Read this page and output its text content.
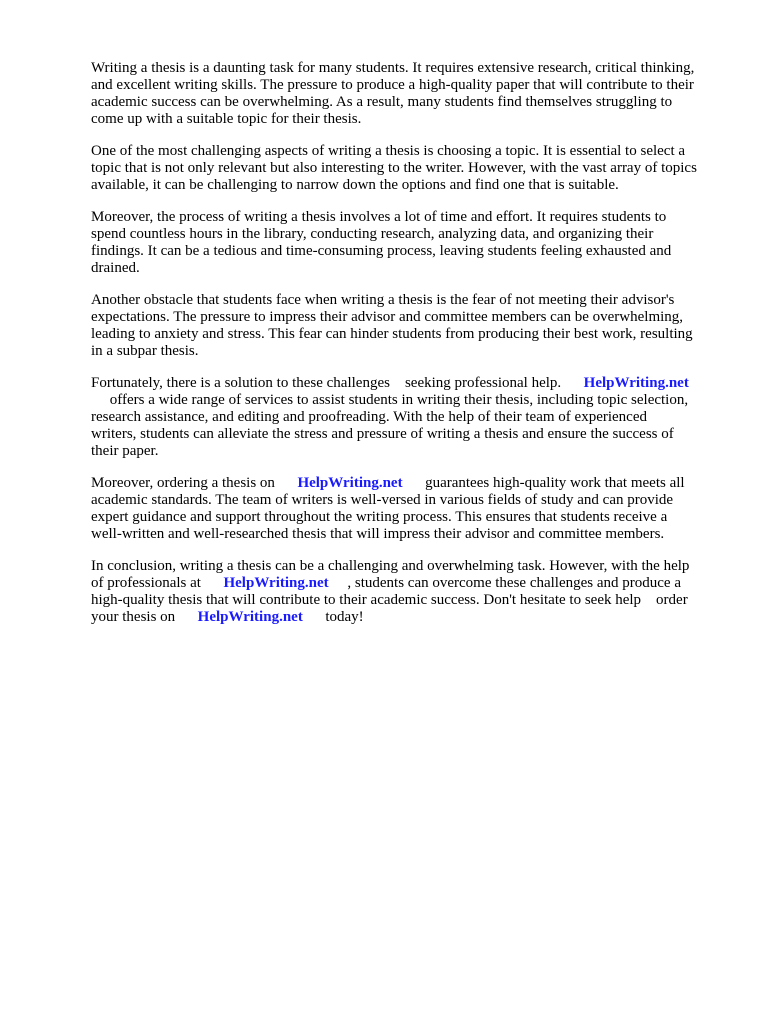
Writing a thesis is a daunting task for many students. It requires extensive research, critical thinking,
and excellent writing skills. The pressure to produce a high-quality paper that will contribute to their
academic success can be overwhelming. As a result, many students find themselves struggling to
come up with a suitable topic for their thesis.

One of the most challenging aspects of writing a thesis is choosing a topic. It is essential to select a
topic that is not only relevant but also interesting to the writer. However, with the vast array of topics
available, it can be challenging to narrow down the options and find one that is suitable.

Moreover, the process of writing a thesis involves a lot of time and effort. It requires students to
spend countless hours in the library, conducting research, analyzing data, and organizing their
findings. It can be a tedious and time-consuming process, leaving students feeling exhausted and
drained.

Another obstacle that students face when writing a thesis is the fear of not meeting their advisor's
expectations. The pressure to impress their advisor and committee members can be overwhelming,
leading to anxiety and stress. This fear can hinder students from producing their best work, resulting
in a subpar thesis.

Fortunately, there is a solution to these challenges    seeking professional help.      HelpWriting.net
offers a wide range of services to assist students in writing their thesis, including topic selection,
research assistance, and editing and proofreading. With the help of their team of experienced
writers, students can alleviate the stress and pressure of writing a thesis and ensure the success of
their paper.

Moreover, ordering a thesis on      HelpWriting.net      guarantees high-quality work that meets all
academic standards. The team of writers is well-versed in various fields of study and can provide
expert guidance and support throughout the writing process. This ensures that students receive a
well-written and well-researched thesis that will impress their advisor and committee members.

In conclusion, writing a thesis can be a challenging and overwhelming task. However, with the help
of professionals at      HelpWriting.net     , students can overcome these challenges and produce a
high-quality thesis that will contribute to their academic success. Don't hesitate to seek help    order
your thesis on      HelpWriting.net      today!
